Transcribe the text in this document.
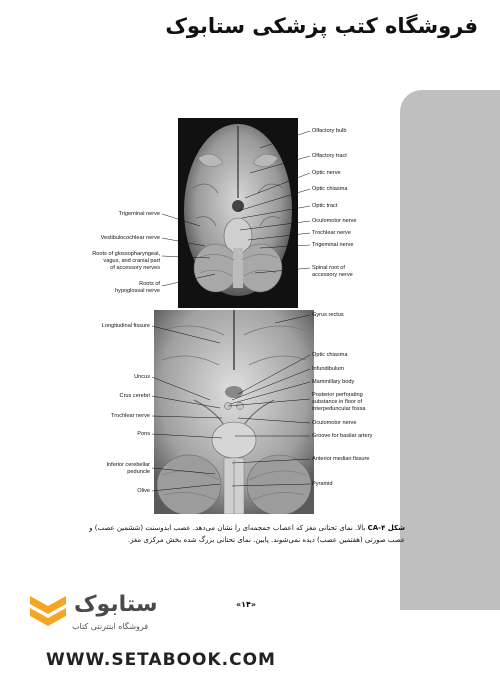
فروشگاه کتب پزشکی ستابوک
Olfactory bulb
Olfactory tract
Optic nerve
Optic chiasma
Optic tract
Oculomotor nerve
Trochlear nerve
Trigeminal nerve
Spinal root of
accessory nerve
Trigeminal nerve
Vestibulocochlear nerve
Roots of glossopharyngeal,
vagus, and cranial part
of accessory nerves
Roots of
hypoglossal nerve
Gyrus rectus
Optic chiasma
Infundibulum
Mammillary body
Posterior perforating
substance in floor of
interpeduncular fossa
Oculomotor nerve
Groove for basilar artery
Anterior median fissure
Pyramid
Longitudinal fissure
Uncus
Crus cerebri
Trochlear nerve
Pons
Inferior cerebellar
peduncle
Olive
شکل ۴-CA بالا. نمای تحتانی مغز که اعصاب جمجمه‌ای را نشان می‌دهد. عصب ابدوسنت (ششمین عصب) و عصب صورتی (هفتمین عصب) دیده نمی‌شوند. پایین. نمای تحتانی بزرگ شده بخش مرکزی مغز.
«۱۴»
ستابوک
فروشگاه اینترنتی کتاب
WWW.SETABOOK.COM
